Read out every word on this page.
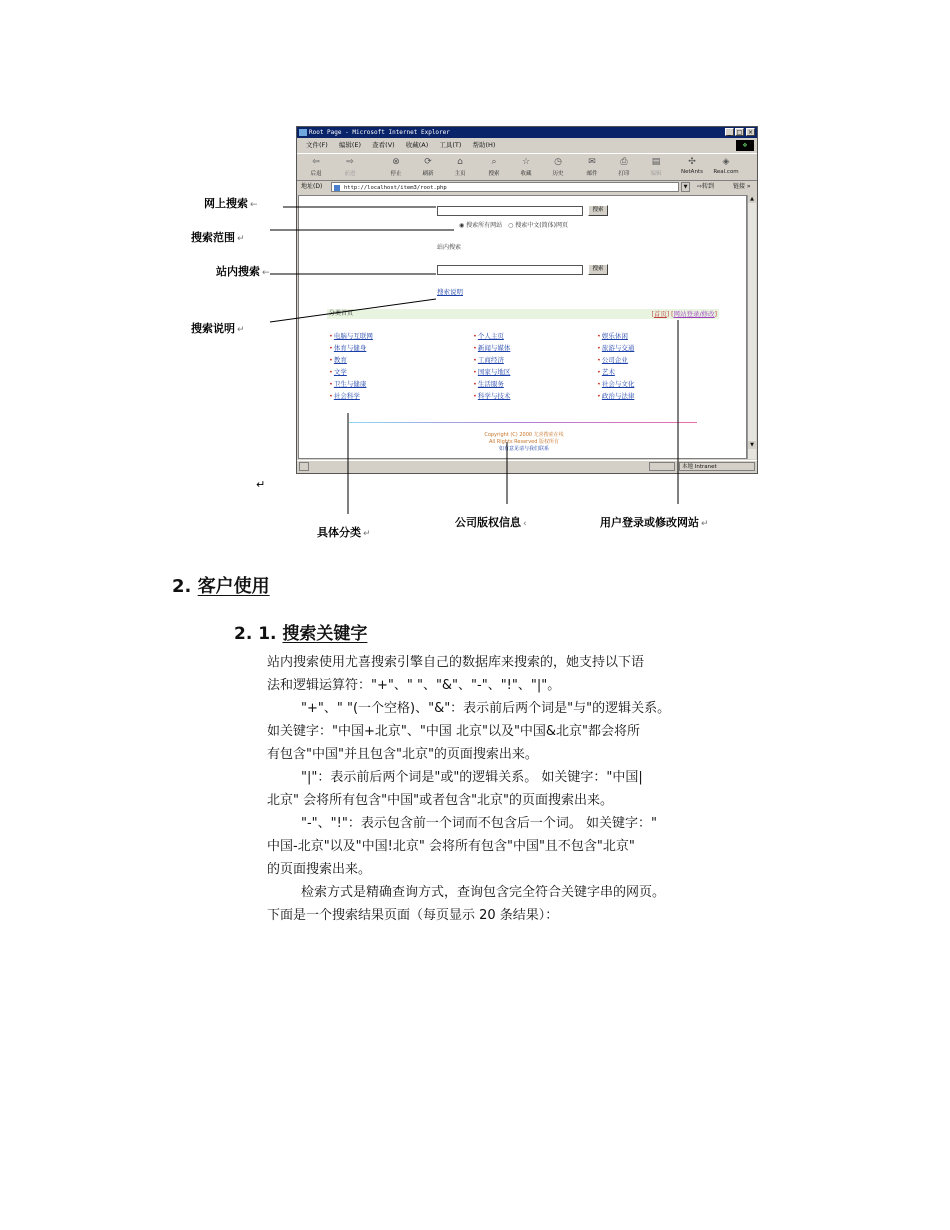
Root Page - Microsoft Internet Explorer	_ □ ×
文件(F) 编辑(E) 查看(V) 收藏(A) 工具(T) 帮助(H)	❖
⇦
后退
⇨
前进
⊗
停止
⟳
刷新
⌂
主页
⌕
搜索
☆
收藏
◷
历史
✉
邮件
⎙
打印
▤
编辑
✣
NetAnts
◈
Real.com
地址(D)	http://localhost/item3/root.php	▼	⇨转到	链接 »
搜索
◉ 搜索所有网站 ○ 搜索中文(简体)网页
站内搜索
搜索
搜索说明
分类首页	[首页] [网站登录/修改]
• 电脑与互联网
• 体育与健身
• 教育
• 文学
• 卫生与健康
• 社会科学
• 个人主页
• 新闻与媒体
• 工商经济
• 国家与地区
• 生活服务
• 科学与技术
• 娱乐休闲
• 旅游与交通
• 公司企业
• 艺术
• 社会与文化
• 政治与法律
Copyright (C) 2000 尤喜搜索在线
All Rights Reserved 版权所有
如有意见请与我们联系
▲
▼
本地 Intranet
网上搜索 ←
搜索范围 ↵
站内搜索 ←
搜索说明 ↵
↵
具体分类 ↵
公司版权信息 ‹	用户登录或修改网站 ↵
2. 客户使用
2. 1. 搜索关键字
站内搜索使用尤喜搜索引擎自己的数据库来搜索的，她支持以下语
法和逻辑运算符："+"、" "、"&"、"-"、"!"、"|"。
"+"、" "(一个空格)、"&"：表示前后两个词是"与"的逻辑关系。
如关键字："中国+北京"、"中国 北京"以及"中国&北京"都会将所
有包含"中国"并且包含"北京"的页面搜索出来。
"|"：表示前后两个词是"或"的逻辑关系。 如关键字："中国|
北京" 会将所有包含"中国"或者包含"北京"的页面搜索出来。
"-"、"!"：表示包含前一个词而不包含后一个词。 如关键字："
中国-北京"以及"中国!北京" 会将所有包含"中国"且不包含"北京"
的页面搜索出来。
检索方式是精确查询方式，查询包含完全符合关键字串的网页。
下面是一个搜索结果页面（每页显示 20 条结果）：
